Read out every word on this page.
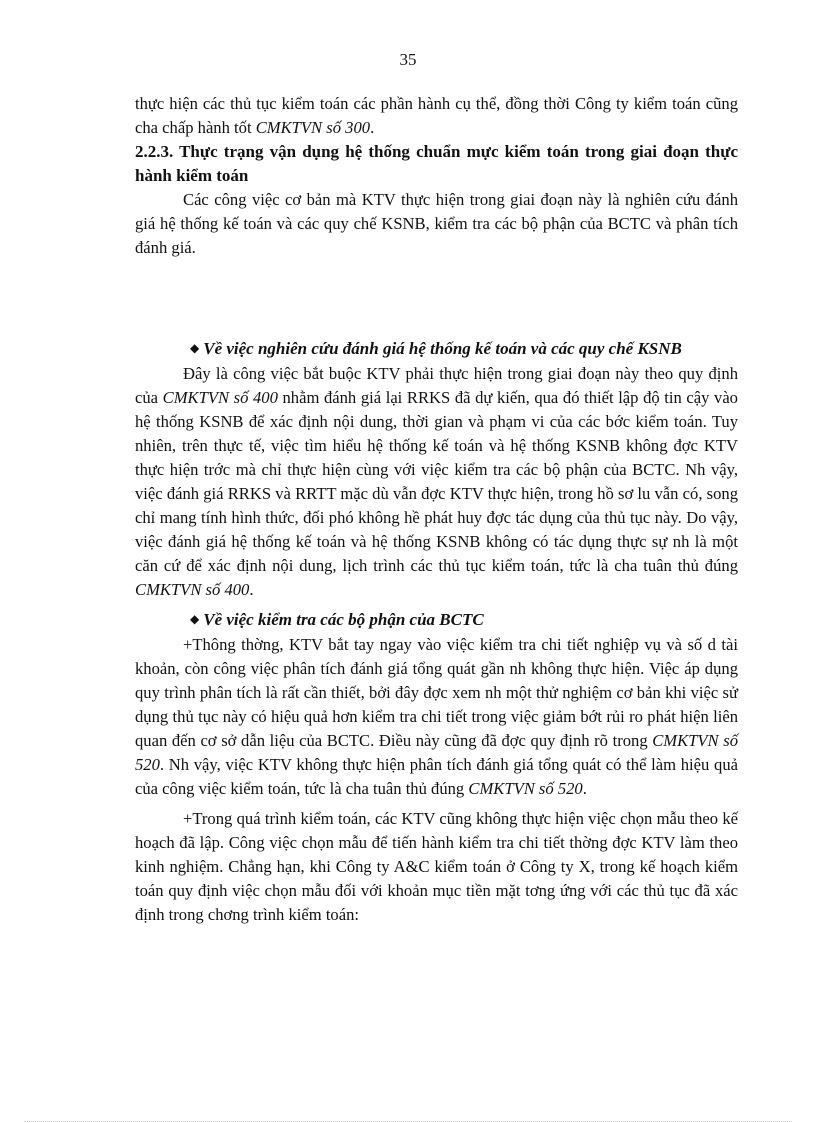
35

thực hiện các thủ tục kiểm toán các phần hành cụ thể, đồng thời Công ty kiểm toán cũng cha chấp hành tốt CMKTVN số 300.

2.2.3. Thực trạng vận dụng hệ thống chuẩn mực kiểm toán trong giai đoạn thực hành kiểm toán

Các công việc cơ bản mà KTV thực hiện trong giai đoạn này là nghiên cứu đánh giá hệ thống kế toán và các quy chế KSNB, kiểm tra các bộ phận của BCTC và phân tích đánh giá.

◆ Về việc nghiên cứu đánh giá hệ thống kế toán và các quy chế KSNB

Đây là công việc bắt buộc KTV phải thực hiện trong giai đoạn này theo quy định của CMKTVN số 400 nhằm đánh giá lại RRKS đã dự kiến, qua đó thiết lập độ tin cậy vào hệ thống KSNB để xác định nội dung, thời gian và phạm vi của các bớc kiểm toán. Tuy nhiên, trên thực tế, việc tìm hiểu hệ thống kế toán và hệ thống KSNB không đợc KTV thực hiện trớc mà chỉ thực hiện cùng với việc kiểm tra các bộ phận của BCTC. Nh vậy, việc đánh giá RRKS và RRTT mặc dù vẫn đợc KTV thực hiện, trong hồ sơ lu vẫn có, song chỉ mang tính hình thức, đối phó không hề phát huy đợc tác dụng của thủ tục này. Do vậy, việc đánh giá hệ thống kế toán và hệ thống KSNB không có tác dụng thực sự nh là một căn cứ để xác định nội dung, lịch trình các thủ tục kiểm toán, tức là cha tuân thủ đúng CMKTVN số 400.

◆ Về việc kiểm tra các bộ phận của BCTC

+Thông thờng, KTV bắt tay ngay vào việc kiểm tra chi tiết nghiệp vụ và số d tài khoản, còn công việc phân tích đánh giá tổng quát gần nh không thực hiện. Việc áp dụng quy trình phân tích là rất cần thiết, bởi đây đợc xem nh một thử nghiệm cơ bản khi việc sử dụng thủ tục này có hiệu quả hơn kiểm tra chi tiết trong việc giảm bớt rủi ro phát hiện liên quan đến cơ sở dẫn liệu của BCTC. Điều này cũng đã đợc quy định rõ trong CMKTVN số 520. Nh vậy, việc KTV không thực hiện phân tích đánh giá tổng quát có thể làm hiệu quả của công việc kiểm toán, tức là cha tuân thủ đúng CMKTVN số 520.

+Trong quá trình kiểm toán, các KTV cũng không thực hiện việc chọn mẫu theo kế hoạch đã lập. Công việc chọn mẫu để tiến hành kiểm tra chi tiết thờng đợc KTV làm theo kinh nghiệm. Chẳng hạn, khi Công ty A&C kiểm toán ở Công ty X, trong kế hoạch kiểm toán quy định việc chọn mẫu đối với khoản mục tiền mặt tơng ứng với các thủ tục đã xác định trong chơng trình kiểm toán:
